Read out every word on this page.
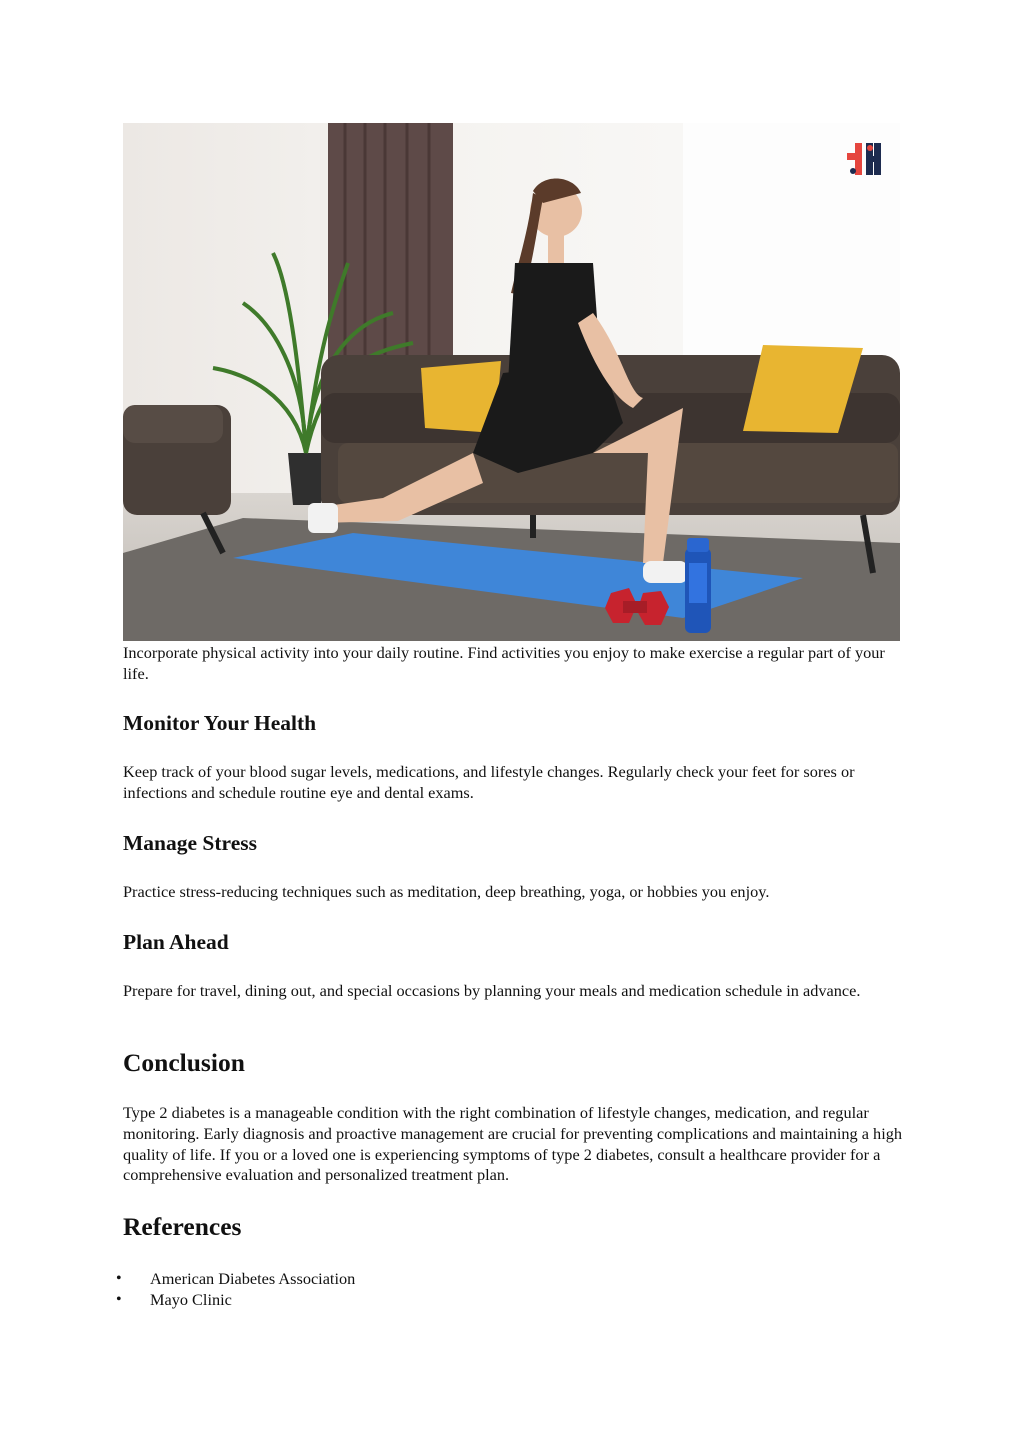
Incorporate physical activity into your daily routine. Find activities you enjoy to make exercise a regular part of your life.

Monitor Your Health

Keep track of your blood sugar levels, medications, and lifestyle changes. Regularly check your feet for sores or infections and schedule routine eye and dental exams.

Manage Stress

Practice stress-reducing techniques such as meditation, deep breathing, yoga, or hobbies you enjoy.

Plan Ahead

Prepare for travel, dining out, and special occasions by planning your meals and medication schedule in advance.

Conclusion

Type 2 diabetes is a manageable condition with the right combination of lifestyle changes, medication, and regular monitoring. Early diagnosis and proactive management are crucial for preventing complications and maintaining a high quality of life. If you or a loved one is experiencing symptoms of type 2 diabetes, consult a healthcare provider for a comprehensive evaluation and personalized treatment plan.

References
• American Diabetes Association
• Mayo Clinic
